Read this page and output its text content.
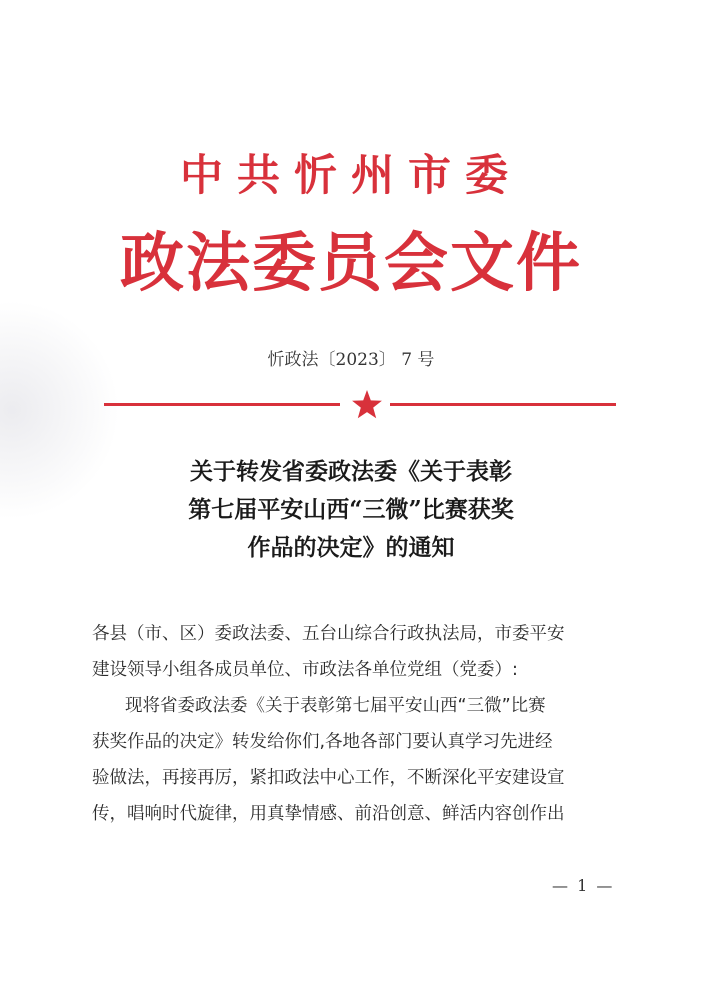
中共忻州市委
政法委员会文件
忻政法〔2023〕 7 号
关于转发省委政法委《关于表彰
第七届平安山西“三微”比赛获奖
作品的决定》的通知

各县（市、区）委政法委、五台山综合行政执法局，市委平安

建设领导小组各成员单位、市政法各单位党组（党委）:

现将省委政法委《关于表彰第七届平安山西“三微”比赛

获奖作品的决定》转发给你们,各地各部门要认真学习先进经

验做法，再接再厉，紧扣政法中心工作，不断深化平安建设宣

传，唱响时代旋律，用真挚情感、前沿创意、鲜活内容创作出

— 1 —
